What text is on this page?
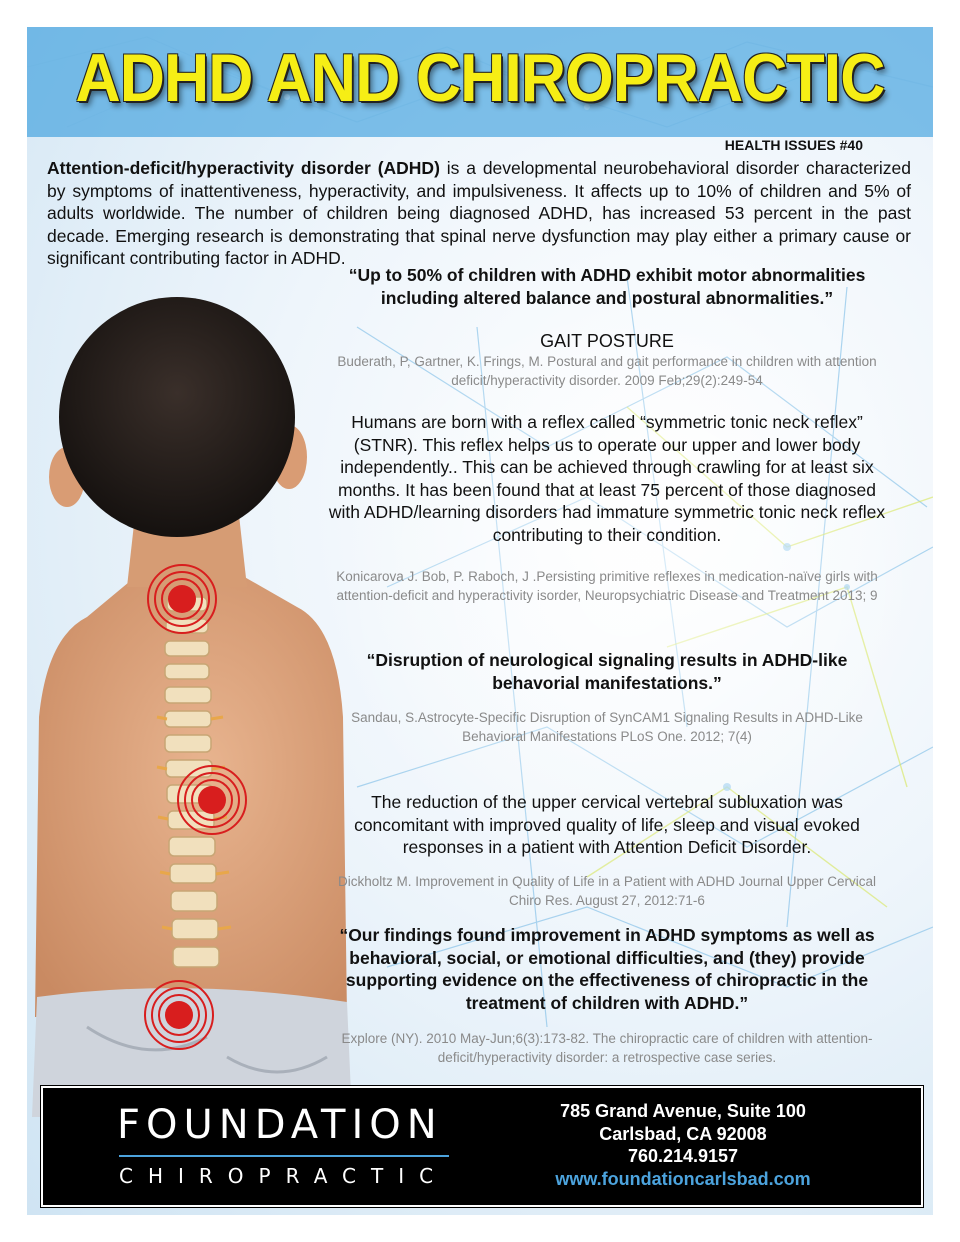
ADHD AND CHIROPRACTIC
HEALTH ISSUES #40
Attention-deficit/hyperactivity disorder (ADHD) is a developmental neurobehavioral disorder characterized by symptoms of inattentiveness, hyperactivity, and impulsiveness. It affects up to 10% of children and 5% of adults worldwide. The number of children being diagnosed ADHD, has increased 53 percent in the past decade. Emerging research is demonstrating that spinal nerve dysfunction may play either a primary cause or significant contributing factor in ADHD.
“Up to 50% of children with ADHD exhibit motor abnormalities including altered balance and postural abnormalities.”
GAIT POSTURE
Buderath, P, Gartner, K. Frings, M. Postural and gait performance in children with attention deficit/hyperactivity disorder. 2009 Feb;29(2):249-54
Humans are born with a reflex called “symmetric tonic neck reflex” (STNR). This reflex helps us to operate our upper and lower body independently.. This can be achieved through crawling for at least six months. It has been found that at least 75 percent of those diagnosed with ADHD/learning disorders had immature symmetric tonic neck reflex contributing to their condition.
Konicarova J. Bob, P. Raboch, J .Persisting primitive reflexes in medication-naïve girls with attention-deficit and hyperactivity isorder, Neuropsychiatric Disease and Treatment 2013; 9
“Disruption of neurological signaling results in ADHD-like behavorial manifestations.”
Sandau, S.Astrocyte-Specific Disruption of SynCAM1 Signaling Results in ADHD-Like Behavioral Manifestations PLoS One. 2012; 7(4)
The reduction of the upper cervical vertebral subluxation was concomitant with improved quality of life, sleep and visual evoked responses in a patient with Attention Deficit Disorder.
Dickholtz M. Improvement in Quality of Life in a Patient with ADHD Journal Upper Cervical Chiro Res. August 27, 2012:71-6
“Our findings found improvement in ADHD symptoms as well as behavioral, social, or emotional difficulties, and (they) provide supporting evidence on the effectiveness of chiropractic in the treatment of children with ADHD.”
Explore (NY). 2010 May-Jun;6(3):173-82. The chiropractic care of children with attention-deficit/hyperactivity disorder: a retrospective case series.
FOUNDATION
CHIROPRACTIC
785 Grand Avenue, Suite 100
Carlsbad, CA 92008
760.214.9157
www.foundationcarlsbad.com
